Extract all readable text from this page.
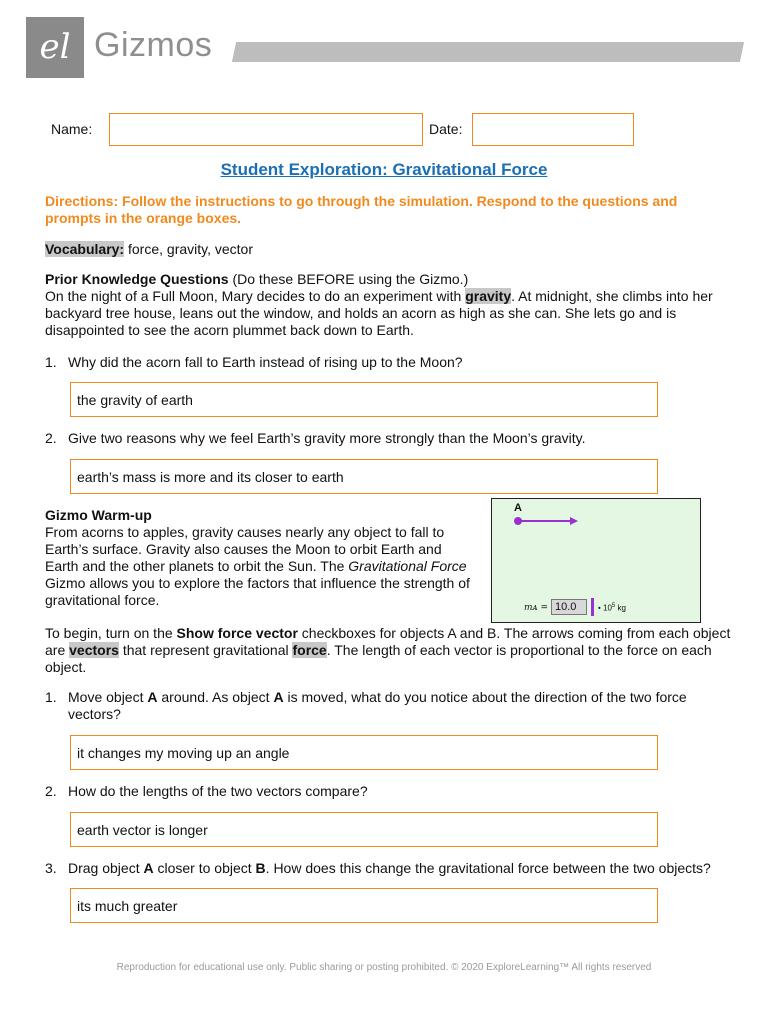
el Gizmos
Name:	Date:
Student Exploration: Gravitational Force
Directions: Follow the instructions to go through the simulation. Respond to the questions and prompts in the orange boxes.
Vocabulary: force, gravity, vector
Prior Knowledge Questions (Do these BEFORE using the Gizmo.)
On the night of a Full Moon, Mary decides to do an experiment with gravity. At midnight, she climbs into her backyard tree house, leans out the window, and holds an acorn as high as she can. She lets go and is disappointed to see the acorn plummet back down to Earth.
1. Why did the acorn fall to Earth instead of rising up to the Moon?
the gravity of earth
2. Give two reasons why we feel Earth’s gravity more strongly than the Moon’s gravity.
earth’s mass is more and its closer to earth
Gizmo Warm-up
From acorns to apples, gravity causes nearly any object to fall to Earth’s surface. Gravity also causes the Moon to orbit Earth and Earth and the other planets to orbit the Sun. The Gravitational Force Gizmo allows you to explore the factors that influence the strength of gravitational force.
A
mᴀ = 10.0	• $10^5$ kg
To begin, turn on the Show force vector checkboxes for objects A and B. The arrows coming from each object are vectors that represent gravitational force. The length of each vector is proportional to the force on each object.
1. Move object A around. As object A is moved, what do you notice about the direction of the two force vectors?
it changes my moving up an angle
2. How do the lengths of the two vectors compare?
earth vector is longer
3. Drag object A closer to object B. How does this change the gravitational force between the two objects?
its much greater
Reproduction for educational use only. Public sharing or posting prohibited. © 2020 ExploreLearning™ All rights reserved
